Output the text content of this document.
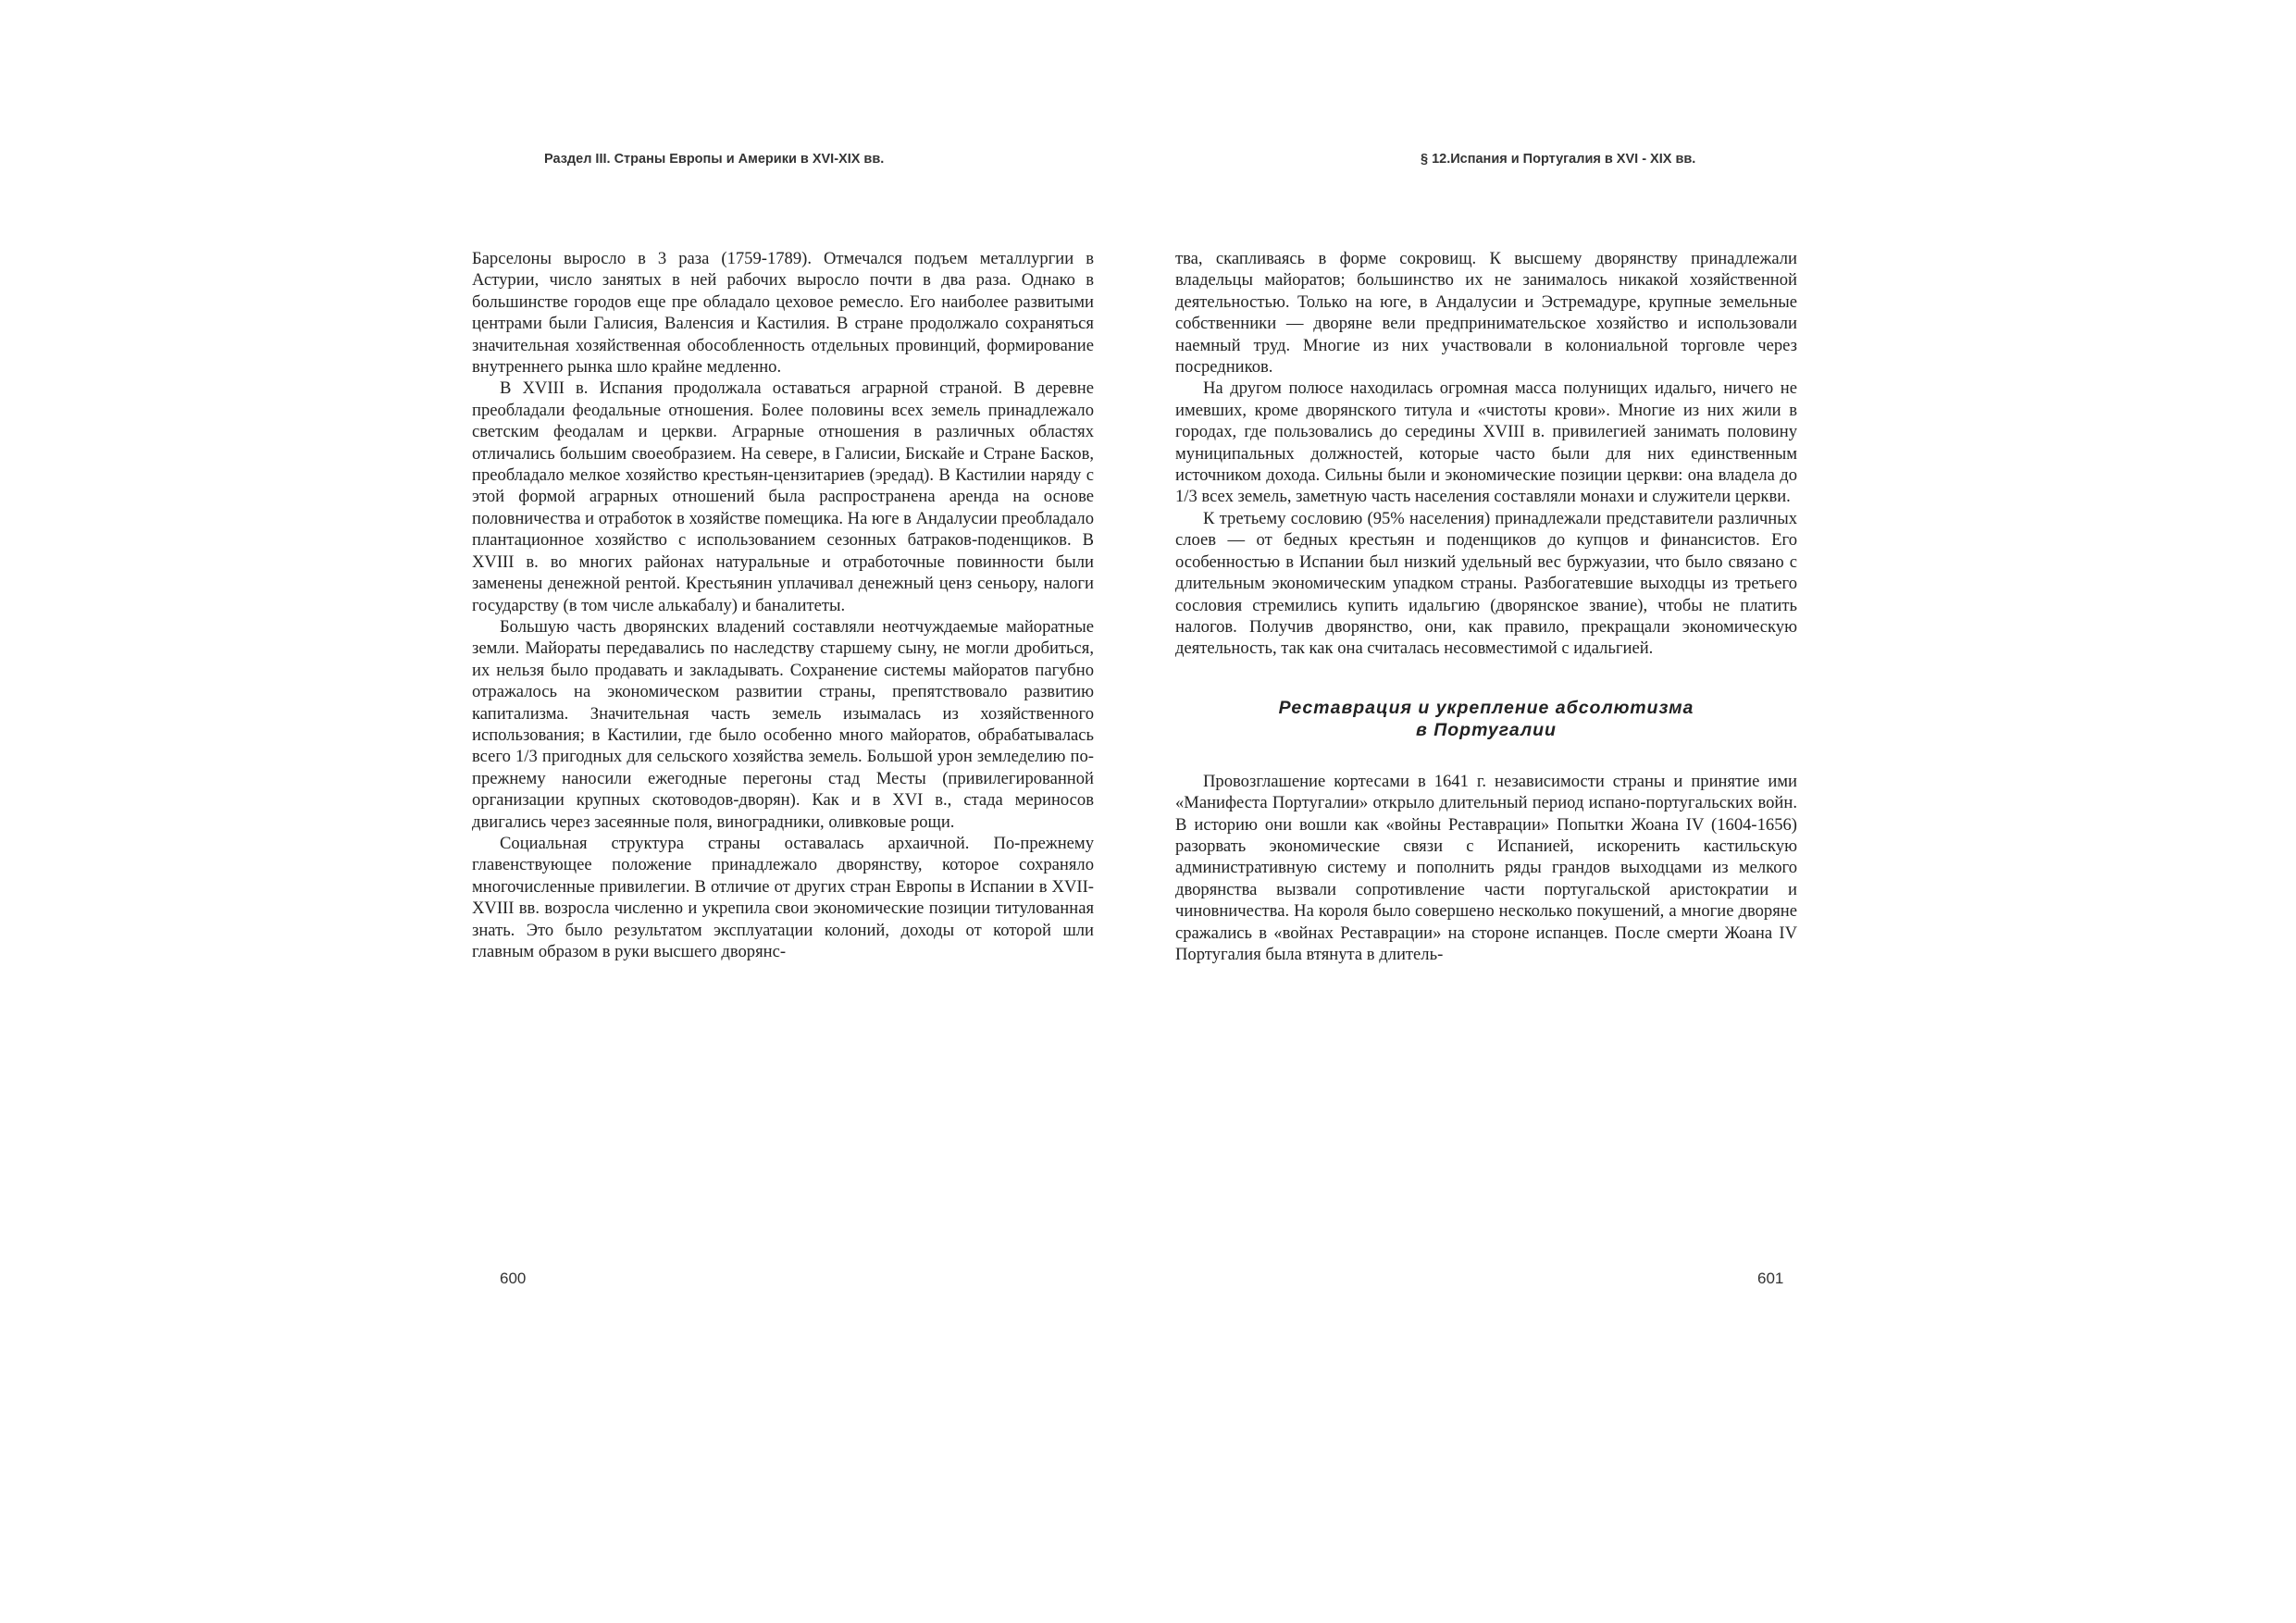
Раздел III. Страны Европы и Америки в XVI-XIX вв.	§ 12.Испания и Португалия в XVI - XIX вв.

Барселоны выросло в 3 раза (1759-1789). Отмечался подъем металлургии в Астурии, число занятых в ней рабочих выросло почти в два раза. Однако в большинстве городов еще пре обладало цеховое ремесло. Его наиболее развитыми центрами были Галисия, Валенсия и Кастилия. В стране продолжало сохраняться значительная хозяйственная обособленность отдельных провинций, формирование внутреннего рынка шло крайне медленно.

В XVIII в. Испания продолжала оставаться аграрной страной. В деревне преобладали феодальные отношения. Более половины всех земель принадлежало светским феодалам и церкви. Аграрные отношения в различных областях отличались большим своеобразием. На севере, в Галисии, Бискайе и Стране Басков, преобладало мелкое хозяйство крестьян-цензитариев (эредад). В Кастилии наряду с этой формой аграрных отношений была распространена аренда на основе половничества и отработок в хозяйстве помещика. На юге в Андалусии преобладало плантационное хозяйство с использованием сезонных батраков-поденщиков. В XVIII в. во многих районах натуральные и отработочные повинности были заменены денежной рентой. Крестьянин уплачивал денежный ценз сеньору, налоги государству (в том числе алькабалу) и баналитеты.

Большую часть дворянских владений составляли неотчуждаемые майоратные земли. Майораты передавались по наследству старшему сыну, не могли дробиться, их нельзя было продавать и закладывать. Сохранение системы майоратов пагубно отражалось на экономическом развитии страны, препятствовало развитию капитализма. Значительная часть земель изымалась из хозяйственного использования; в Кастилии, где было особенно много майоратов, обрабатывалась всего 1/3 пригодных для сельского хозяйства земель. Большой урон земледелию по-прежнему наносили ежегодные перегоны стад Месты (привилегированной организации крупных скотоводов-дворян). Как и в XVI в., стада мериносов двигались через засеянные поля, виноградники, оливковые рощи.

Социальная структура страны оставалась архаичной. По-прежнему главенствующее положение принадлежало дворянству, которое сохраняло многочисленные привилегии. В отличие от других стран Европы в Испании в XVII-XVIII вв. возросла численно и укрепила свои экономические позиции титулованная знать. Это было результатом эксплуатации колоний, доходы от которой шли главным образом в руки высшего дворянс-

тва, скапливаясь в форме сокровищ. К высшему дворянству принадлежали владельцы майоратов; большинство их не занималось никакой хозяйственной деятельностью. Только на юге, в Андалусии и Эстремадуре, крупные земельные собственники — дворяне вели предпринимательское хозяйство и использовали наемный труд. Многие из них участвовали в колониальной торговле через посредников.

На другом полюсе находилась огромная масса полунищих идальго, ничего не имевших, кроме дворянского титула и «чистоты крови». Многие из них жили в городах, где пользовались до середины XVIII в. привилегией занимать половину муниципальных должностей, которые часто были для них единственным источником дохода. Сильны были и экономические позиции церкви: она владела до 1/3 всех земель, заметную часть населения составляли монахи и служители церкви.

К третьему сословию (95% населения) принадлежали представители различных слоев — от бедных крестьян и поденщиков до купцов и финансистов. Его особенностью в Испании был низкий удельный вес буржуазии, что было связано с длительным экономическим упадком страны. Разбогатевшие выходцы из третьего сословия стремились купить идальгию (дворянское звание), чтобы не платить налогов. Получив дворянство, они, как правило, прекращали экономическую деятельность, так как она считалась несовместимой с идальгией.

Реставрация и укрепление абсолютизма
в Португалии

Провозглашение кортесами в 1641 г. независимости страны и принятие ими «Манифеста Португалии» открыло длительный период испано-португальских войн. В историю они вошли как «войны Реставрации» Попытки Жоана IV (1604-1656) разорвать экономические связи с Испанией, искоренить кастильскую административную систему и пополнить ряды грандов выходцами из мелкого дворянства вызвали сопротивление части португальской аристократии и чиновничества. На короля было совершено несколько покушений, а многие дворяне сражались в «войнах Реставрации» на стороне испанцев. После смерти Жоана IV Португалия была втянута в длитель-

600	601
